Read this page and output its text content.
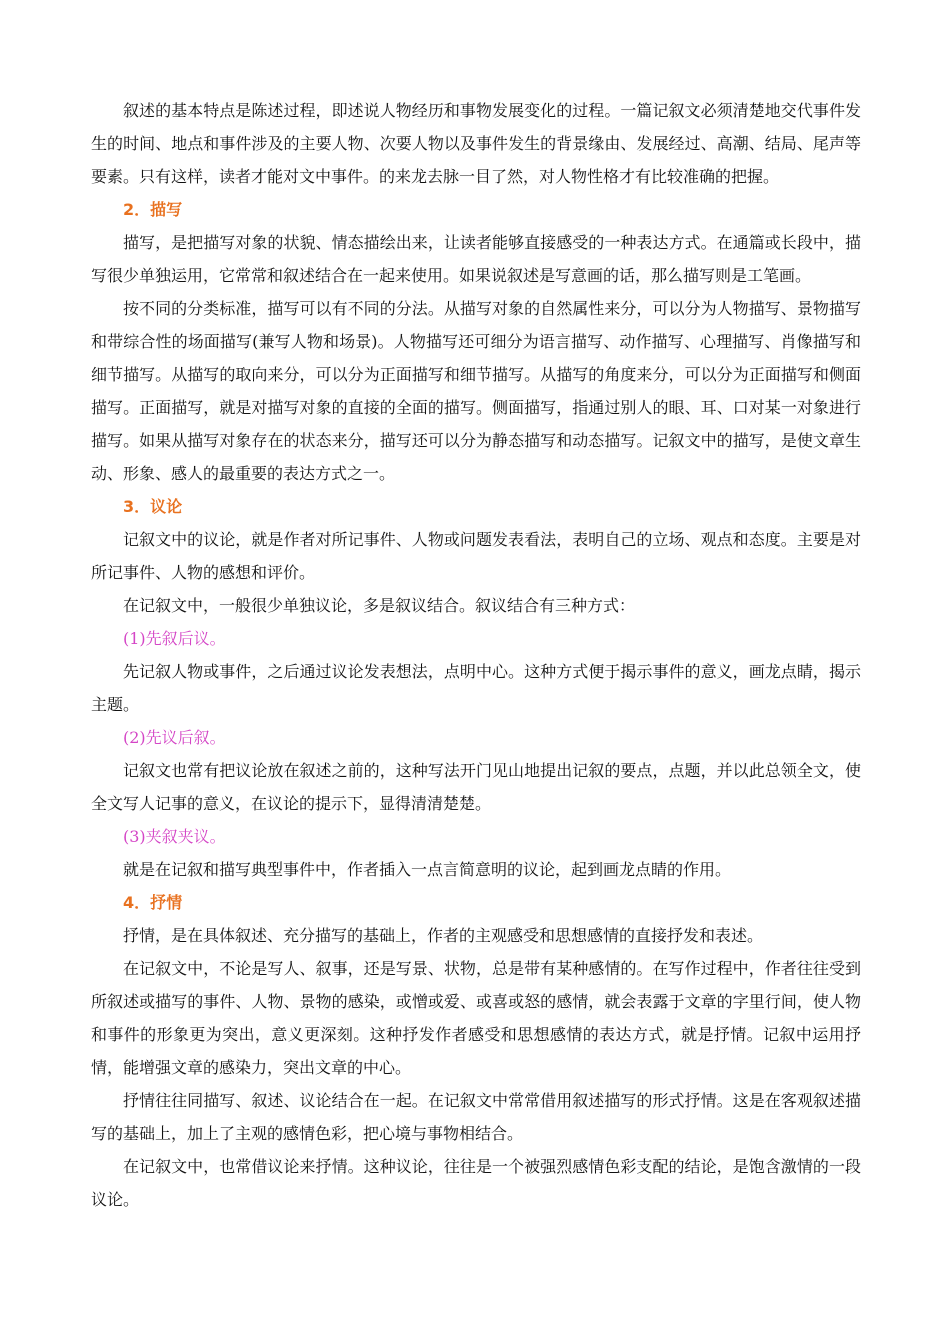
叙述的基本特点是陈述过程，即述说人物经历和事物发展变化的过程。一篇记叙文必须清楚地交代事件发生的时间、地点和事件涉及的主要人物、次要人物以及事件发生的背景缘由、发展经过、高潮、结局、尾声等要素。只有这样，读者才能对文中事件。的来龙去脉一目了然，对人物性格才有比较准确的把握。

2．描写

描写，是把描写对象的状貌、情态描绘出来，让读者能够直接感受的一种表达方式。在通篇或长段中，描写很少单独运用，它常常和叙述结合在一起来使用。如果说叙述是写意画的话，那么描写则是工笔画。

按不同的分类标准，描写可以有不同的分法。从描写对象的自然属性来分，可以分为人物描写、景物描写和带综合性的场面描写(兼写人物和场景)。人物描写还可细分为语言描写、动作描写、心理描写、肖像描写和细节描写。从描写的取向来分，可以分为正面描写和细节描写。从描写的角度来分，可以分为正面描写和侧面描写。正面描写，就是对描写对象的直接的全面的描写。侧面描写，指通过别人的眼、耳、口对某一对象进行描写。如果从描写对象存在的状态来分，描写还可以分为静态描写和动态描写。记叙文中的描写，是使文章生动、形象、感人的最重要的表达方式之一。

3．议论

记叙文中的议论，就是作者对所记事件、人物或问题发表看法，表明自己的立场、观点和态度。主要是对所记事件、人物的感想和评价。

在记叙文中，一般很少单独议论，多是叙议结合。叙议结合有三种方式：

(1)先叙后议。

先记叙人物或事件，之后通过议论发表想法，点明中心。这种方式便于揭示事件的意义，画龙点睛，揭示主题。

(2)先议后叙。

记叙文也常有把议论放在叙述之前的，这种写法开门见山地提出记叙的要点，点题，并以此总领全文，使全文写人记事的意义，在议论的提示下，显得清清楚楚。

(3)夹叙夹议。

就是在记叙和描写典型事件中，作者插入一点言简意明的议论，起到画龙点睛的作用。

4．抒情

抒情，是在具体叙述、充分描写的基础上，作者的主观感受和思想感情的直接抒发和表述。

在记叙文中，不论是写人、叙事，还是写景、状物，总是带有某种感情的。在写作过程中，作者往往受到所叙述或描写的事件、人物、景物的感染，或憎或爱、或喜或怒的感情，就会表露于文章的字里行间，使人物和事件的形象更为突出，意义更深刻。这种抒发作者感受和思想感情的表达方式，就是抒情。记叙中运用抒情，能增强文章的感染力，突出文章的中心。

抒情往往同描写、叙述、议论结合在一起。在记叙文中常常借用叙述描写的形式抒情。这是在客观叙述描写的基础上，加上了主观的感情色彩，把心境与事物相结合。

在记叙文中，也常借议论来抒情。这种议论，往往是一个被强烈感情色彩支配的结论，是饱含激情的一段议论。
